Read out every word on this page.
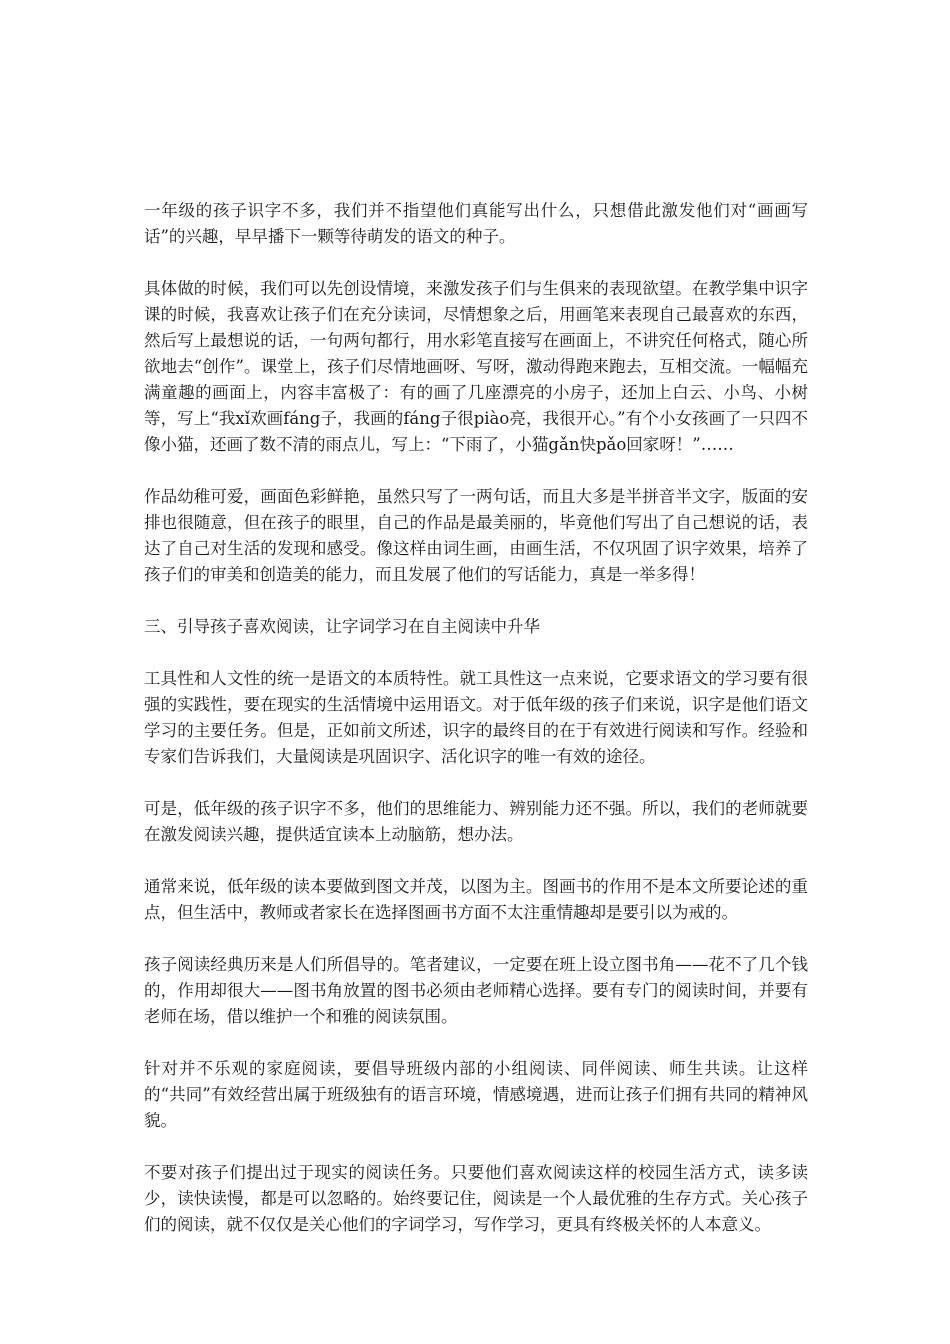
一年级的孩子识字不多，我们并不指望他们真能写出什么，只想借此激发他们对“画画写话”的兴趣，早早播下一颗等待萌发的语文的种子。

具体做的时候，我们可以先创设情境，来激发孩子们与生俱来的表现欲望。在教学集中识字课的时候，我喜欢让孩子们在充分读词，尽情想象之后，用画笔来表现自己最喜欢的东西，然后写上最想说的话，一句两句都行，用水彩笔直接写在画面上，不讲究任何格式，随心所欲地去“创作”。课堂上，孩子们尽情地画呀、写呀，激动得跑来跑去，互相交流。一幅幅充满童趣的画面上，内容丰富极了：有的画了几座漂亮的小房子，还加上白云、小鸟、小树等，写上“我xǐ欢画fáng子，我画的fáng子很piào亮，我很开心。”有个小女孩画了一只四不像小猫，还画了数不清的雨点儿，写上：“下雨了，小猫gǎn快pǎo回家呀！”……

作品幼稚可爱，画面色彩鲜艳，虽然只写了一两句话，而且大多是半拼音半文字，版面的安排也很随意，但在孩子的眼里，自己的作品是最美丽的，毕竟他们写出了自己想说的话，表达了自己对生活的发现和感受。像这样由词生画，由画生活，不仅巩固了识字效果，培养了孩子们的审美和创造美的能力，而且发展了他们的写话能力，真是一举多得！

三、引导孩子喜欢阅读，让字词学习在自主阅读中升华

工具性和人文性的统一是语文的本质特性。就工具性这一点来说，它要求语文的学习要有很强的实践性，要在现实的生活情境中运用语文。对于低年级的孩子们来说，识字是他们语文学习的主要任务。但是，正如前文所述，识字的最终目的在于有效进行阅读和写作。经验和专家们告诉我们，大量阅读是巩固识字、活化识字的唯一有效的途径。

可是，低年级的孩子识字不多，他们的思维能力、辨别能力还不强。所以，我们的老师就要在激发阅读兴趣，提供适宜读本上动脑筋，想办法。

通常来说，低年级的读本要做到图文并茂，以图为主。图画书的作用不是本文所要论述的重点，但生活中，教师或者家长在选择图画书方面不太注重情趣却是要引以为戒的。

孩子阅读经典历来是人们所倡导的。笔者建议，一定要在班上设立图书角——花不了几个钱的，作用却很大——图书角放置的图书必须由老师精心选择。要有专门的阅读时间，并要有老师在场，借以维护一个和雅的阅读氛围。

针对并不乐观的家庭阅读，要倡导班级内部的小组阅读、同伴阅读、师生共读。让这样的“共同”有效经营出属于班级独有的语言环境，情感境遇，进而让孩子们拥有共同的精神风貌。

不要对孩子们提出过于现实的阅读任务。只要他们喜欢阅读这样的校园生活方式，读多读少，读快读慢，都是可以忽略的。始终要记住，阅读是一个人最优雅的生存方式。关心孩子们的阅读，就不仅仅是关心他们的字词学习，写作学习，更具有终极关怀的人本意义。
